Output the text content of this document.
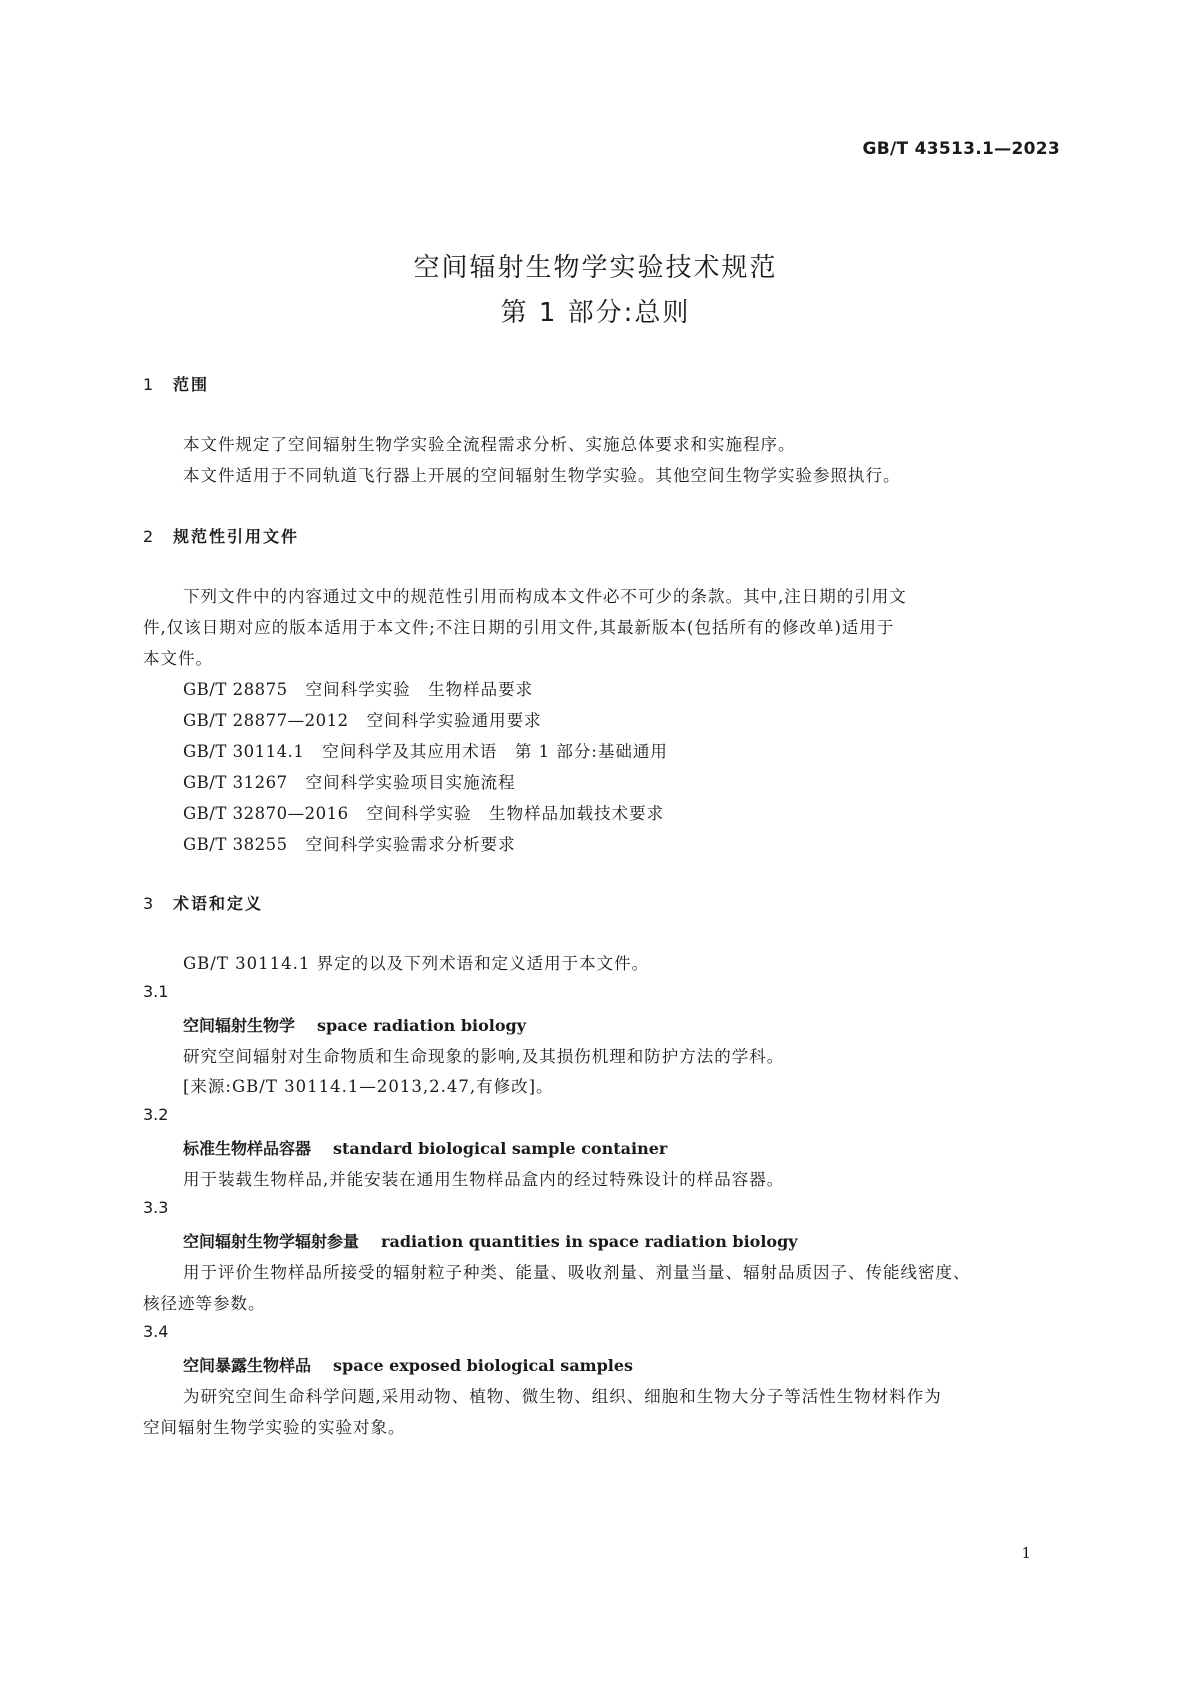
GB/T 43513.1—2023
空间辐射生物学实验技术规范
第 1 部分:总则
1 范围
本文件规定了空间辐射生物学实验全流程需求分析、实施总体要求和实施程序。
本文件适用于不同轨道飞行器上开展的空间辐射生物学实验。其他空间生物学实验参照执行。
2 规范性引用文件
下列文件中的内容通过文中的规范性引用而构成本文件必不可少的条款。其中,注日期的引用文
件,仅该日期对应的版本适用于本文件;不注日期的引用文件,其最新版本(包括所有的修改单)适用于
本文件。
GB/T 28875 空间科学实验　生物样品要求
GB/T 28877—2012 空间科学实验通用要求
GB/T 30114.1 空间科学及其应用术语　第 1 部分:基础通用
GB/T 31267 空间科学实验项目实施流程
GB/T 32870—2016 空间科学实验　生物样品加载技术要求
GB/T 38255 空间科学实验需求分析要求
3 术语和定义
GB/T 30114.1 界定的以及下列术语和定义适用于本文件。
3.1
空间辐射生物学 space radiation biology
研究空间辐射对生命物质和生命现象的影响,及其损伤机理和防护方法的学科。
[来源:GB/T 30114.1—2013,2.47,有修改]。
3.2
标准生物样品容器 standard biological sample container
用于装载生物样品,并能安装在通用生物样品盒内的经过特殊设计的样品容器。
3.3
空间辐射生物学辐射参量 radiation quantities in space radiation biology
用于评价生物样品所接受的辐射粒子种类、能量、吸收剂量、剂量当量、辐射品质因子、传能线密度、
核径迹等参数。
3.4
空间暴露生物样品 space exposed biological samples
为研究空间生命科学问题,采用动物、植物、微生物、组织、细胞和生物大分子等活性生物材料作为
空间辐射生物学实验的实验对象。
1
